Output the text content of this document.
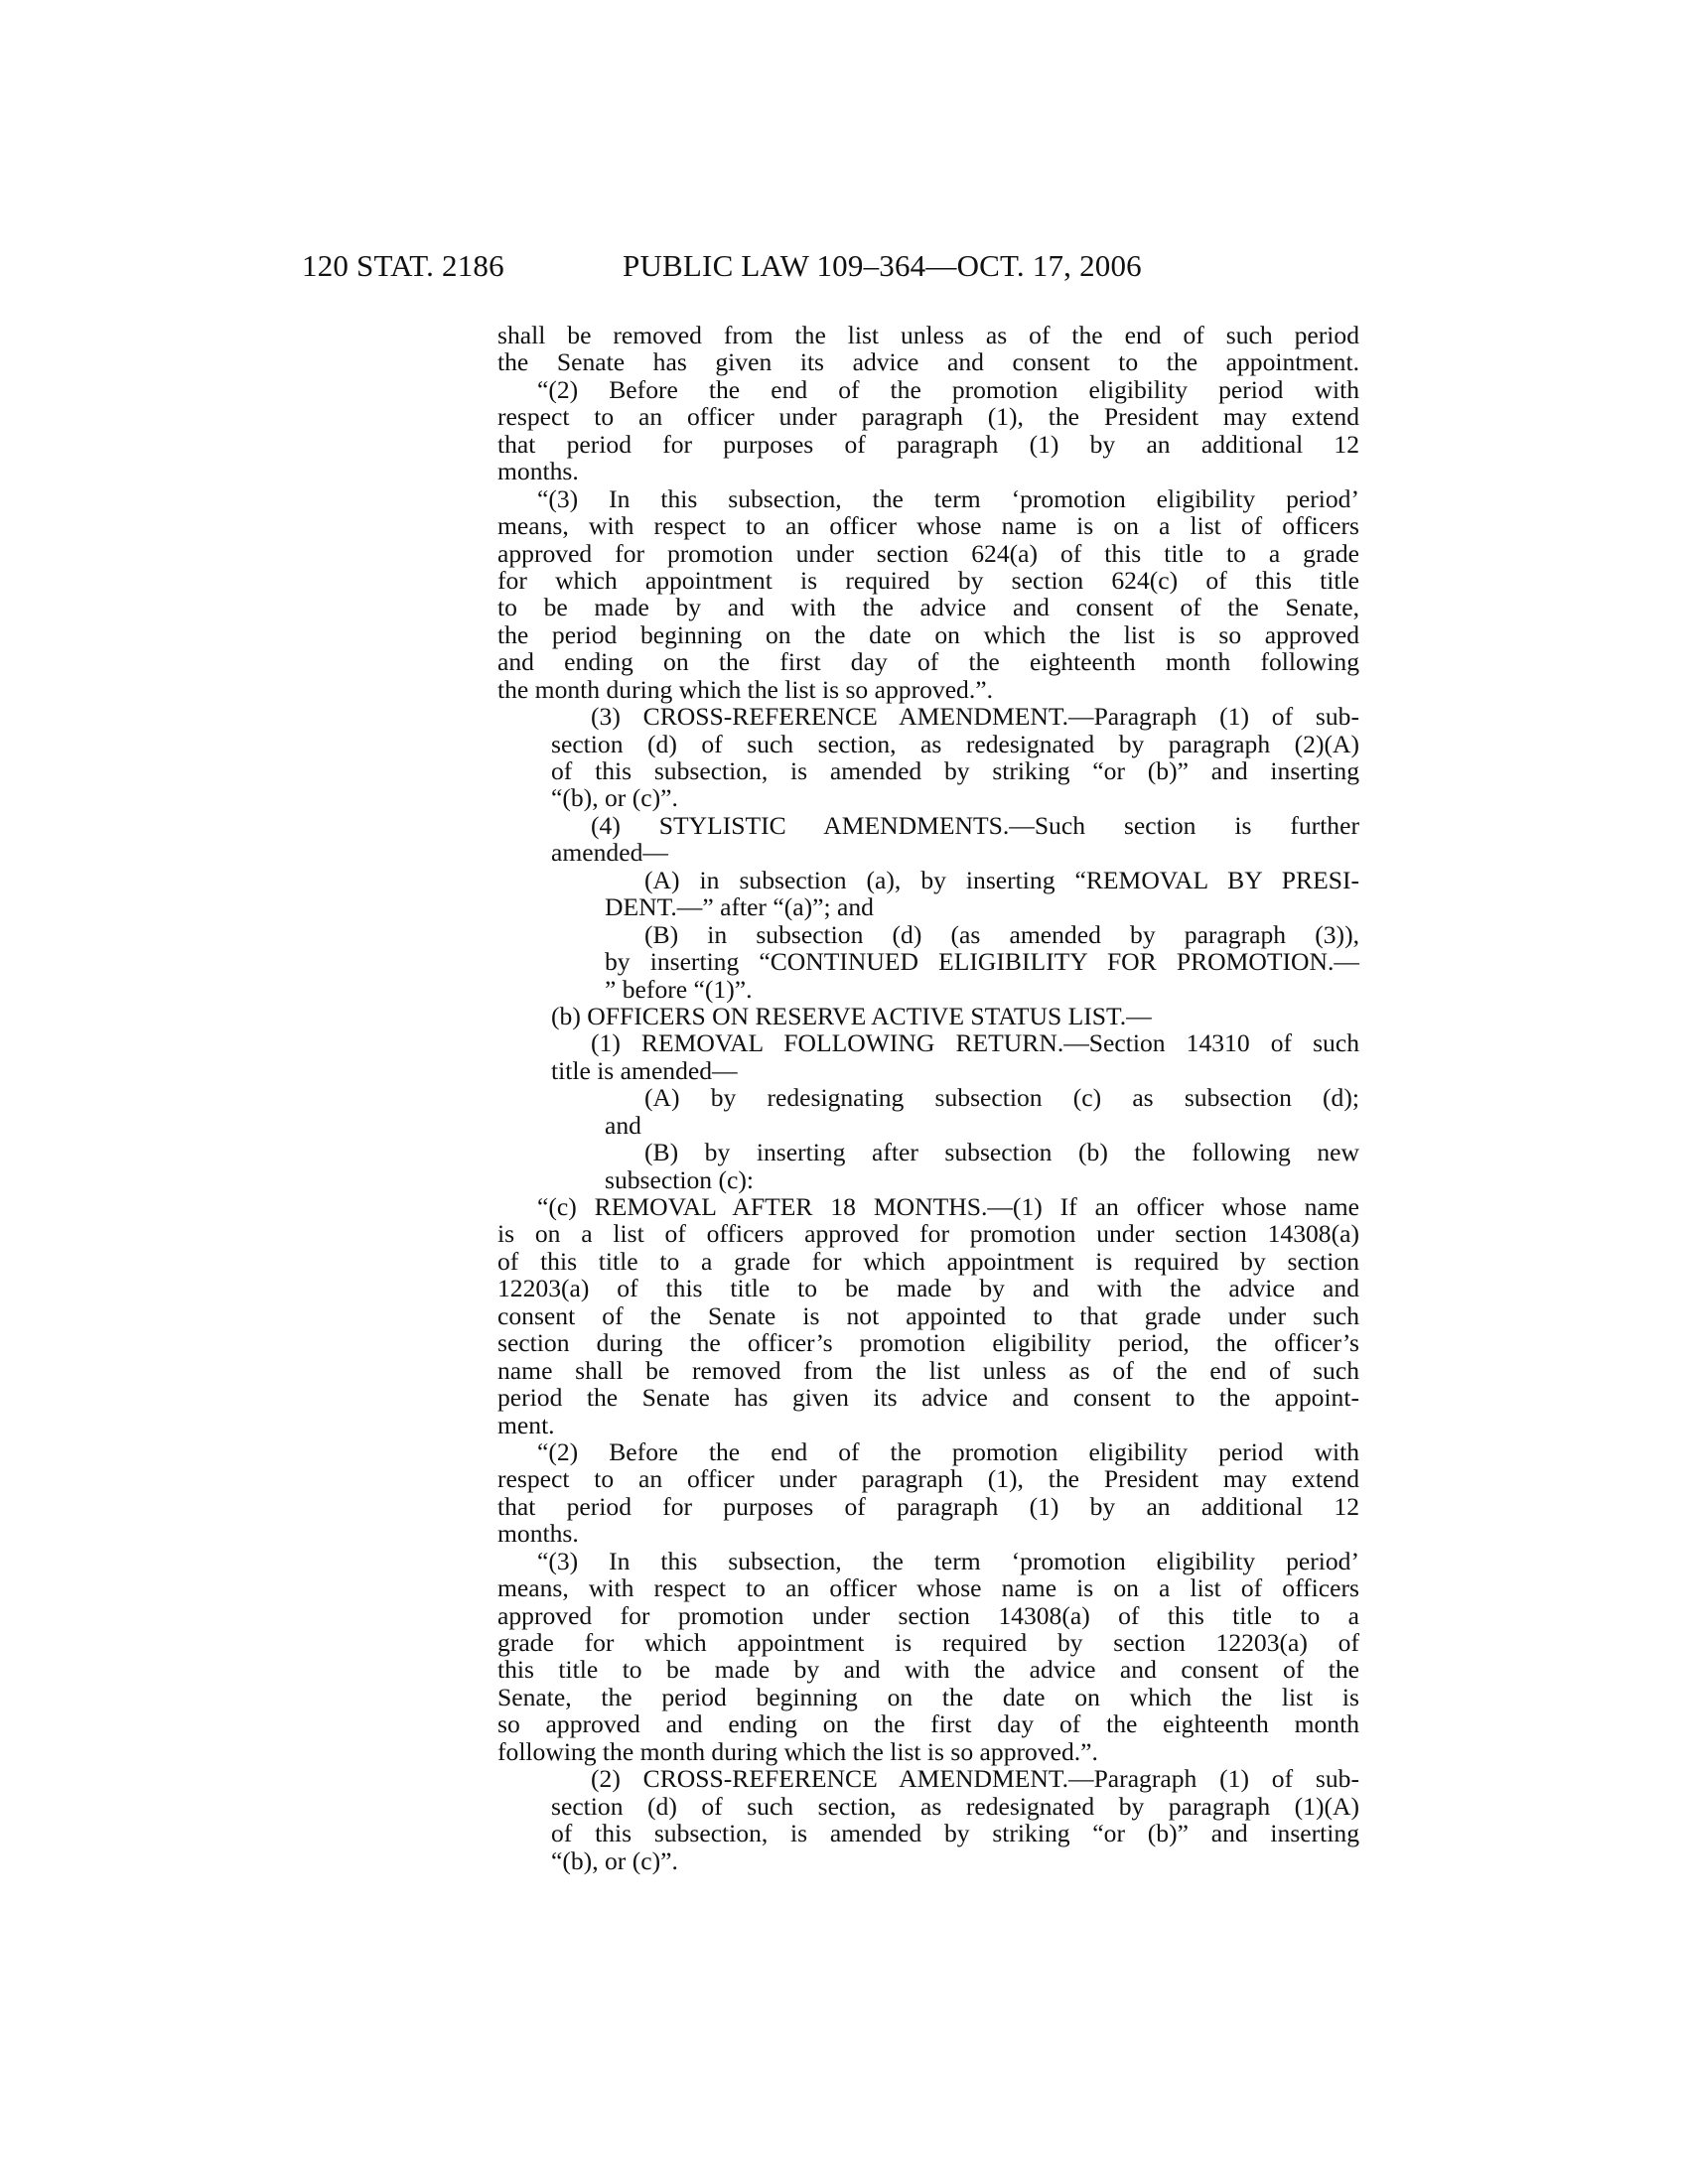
120 STAT. 2186	PUBLIC LAW 109–364—OCT. 17, 2006
shall be removed from the list unless as of the end of such period
the Senate has given its advice and consent to the appointment.
“(2) Before the end of the promotion eligibility period with
respect to an officer under paragraph (1), the President may extend
that period for purposes of paragraph (1) by an additional 12
months.
“(3) In this subsection, the term ‘promotion eligibility period’
means, with respect to an officer whose name is on a list of officers
approved for promotion under section 624(a) of this title to a grade
for which appointment is required by section 624(c) of this title
to be made by and with the advice and consent of the Senate,
the period beginning on the date on which the list is so approved
and ending on the first day of the eighteenth month following
the month during which the list is so approved.”.
(3) CROSS-REFERENCE AMENDMENT.—Paragraph (1) of sub-
section (d) of such section, as redesignated by paragraph (2)(A)
of this subsection, is amended by striking “or (b)” and inserting
“(b), or (c)”.
(4) STYLISTIC AMENDMENTS.—Such section is further
amended—
(A) in subsection (a), by inserting “REMOVAL BY PRESI-
DENT.—” after “(a)”; and
(B) in subsection (d) (as amended by paragraph (3)),
by inserting “CONTINUED ELIGIBILITY FOR PROMOTION.—
” before “(1)”.
(b) OFFICERS ON RESERVE ACTIVE STATUS LIST.—
(1) REMOVAL FOLLOWING RETURN.—Section 14310 of such
title is amended—
(A) by redesignating subsection (c) as subsection (d);
and
(B) by inserting after subsection (b) the following new
subsection (c):
“(c) REMOVAL AFTER 18 MONTHS.—(1) If an officer whose name
is on a list of officers approved for promotion under section 14308(a)
of this title to a grade for which appointment is required by section
12203(a) of this title to be made by and with the advice and
consent of the Senate is not appointed to that grade under such
section during the officer’s promotion eligibility period, the officer’s
name shall be removed from the list unless as of the end of such
period the Senate has given its advice and consent to the appoint-
ment.
“(2) Before the end of the promotion eligibility period with
respect to an officer under paragraph (1), the President may extend
that period for purposes of paragraph (1) by an additional 12
months.
“(3) In this subsection, the term ‘promotion eligibility period’
means, with respect to an officer whose name is on a list of officers
approved for promotion under section 14308(a) of this title to a
grade for which appointment is required by section 12203(a) of
this title to be made by and with the advice and consent of the
Senate, the period beginning on the date on which the list is
so approved and ending on the first day of the eighteenth month
following the month during which the list is so approved.”.
(2) CROSS-REFERENCE AMENDMENT.—Paragraph (1) of sub-
section (d) of such section, as redesignated by paragraph (1)(A)
of this subsection, is amended by striking “or (b)” and inserting
“(b), or (c)”.
